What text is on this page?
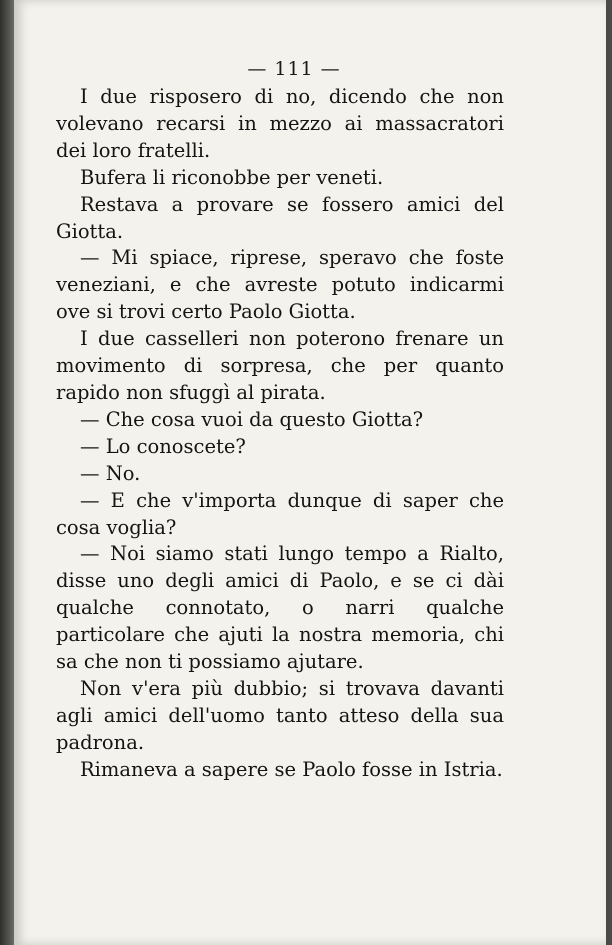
— 111 —

I due risposero di no, dicendo che non volevano recarsi in mezzo ai massacratori dei loro fratelli.

Bufera li riconobbe per veneti.

Restava a provare se fossero amici del Giotta.

— Mi spiace, riprese, speravo che foste veneziani, e che avreste potuto indicarmi ove si trovi certo Paolo Giotta.

I due casselleri non poterono frenare un movimento di sorpresa, che per quanto rapido non sfuggì al pirata.

— Che cosa vuoi da questo Giotta?

— Lo conoscete?

— No.

— E che v'importa dunque di saper che cosa voglia?

— Noi siamo stati lungo tempo a Rialto, disse uno degli amici di Paolo, e se ci dài qualche connotato, o narri qualche particolare che ajuti la nostra memoria, chi sa che non ti possiamo ajutare.

Non v'era più dubbio; si trovava davanti agli amici dell'uomo tanto atteso della sua padrona.

Rimaneva a sapere se Paolo fosse in Istria.
